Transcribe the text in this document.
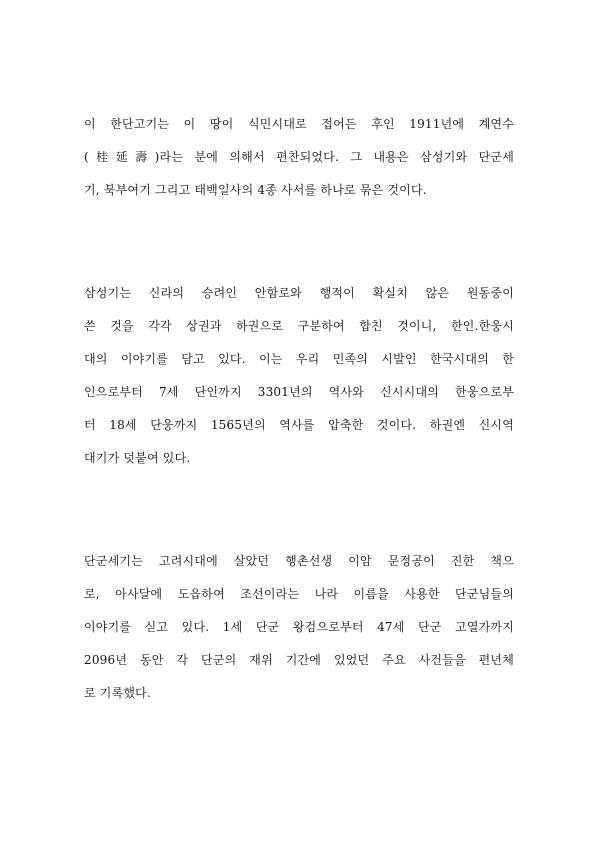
이 한단고기는 이 땅이 식민시대로 접어든 후인 1911년에 계연수
(桂延壽)라는 분에 의해서 편찬되었다. 그 내용은 삼성기와 단군세
기, 북부여기 그리고 태백일사의 4종 사서를 하나로 묶은 것이다.
삼성기는 신라의 승려인 안함로와 행적이 확실치 않은 원동중이
쓴 것을 각각 상권과 하권으로 구분하여 합친 것이니, 한인.한웅시
대의 이야기를 담고 있다. 이는 우리 민족의 시발인 한국시대의 한
인으로부터 7세 단인까지 3301년의 역사와 신시시대의 한웅으로부
터 18세 단웅까지 1565년의 역사를 압축한 것이다. 하권엔 신시역
대기가 덧붙여 있다.
단군세기는 고려시대에 살았던 행촌선생 이암 문정공이 진한 책으
로, 아사달에 도읍하여 조선이라는 나라 이름을 사용한 단군님들의
이야기를 싣고 있다. 1세 단군 왕검으로부터 47세 단군 고열가까지
2096년 동안 각 단군의 재위 기간에 있었던 주요 사건들을 편년체
로 기록했다.
